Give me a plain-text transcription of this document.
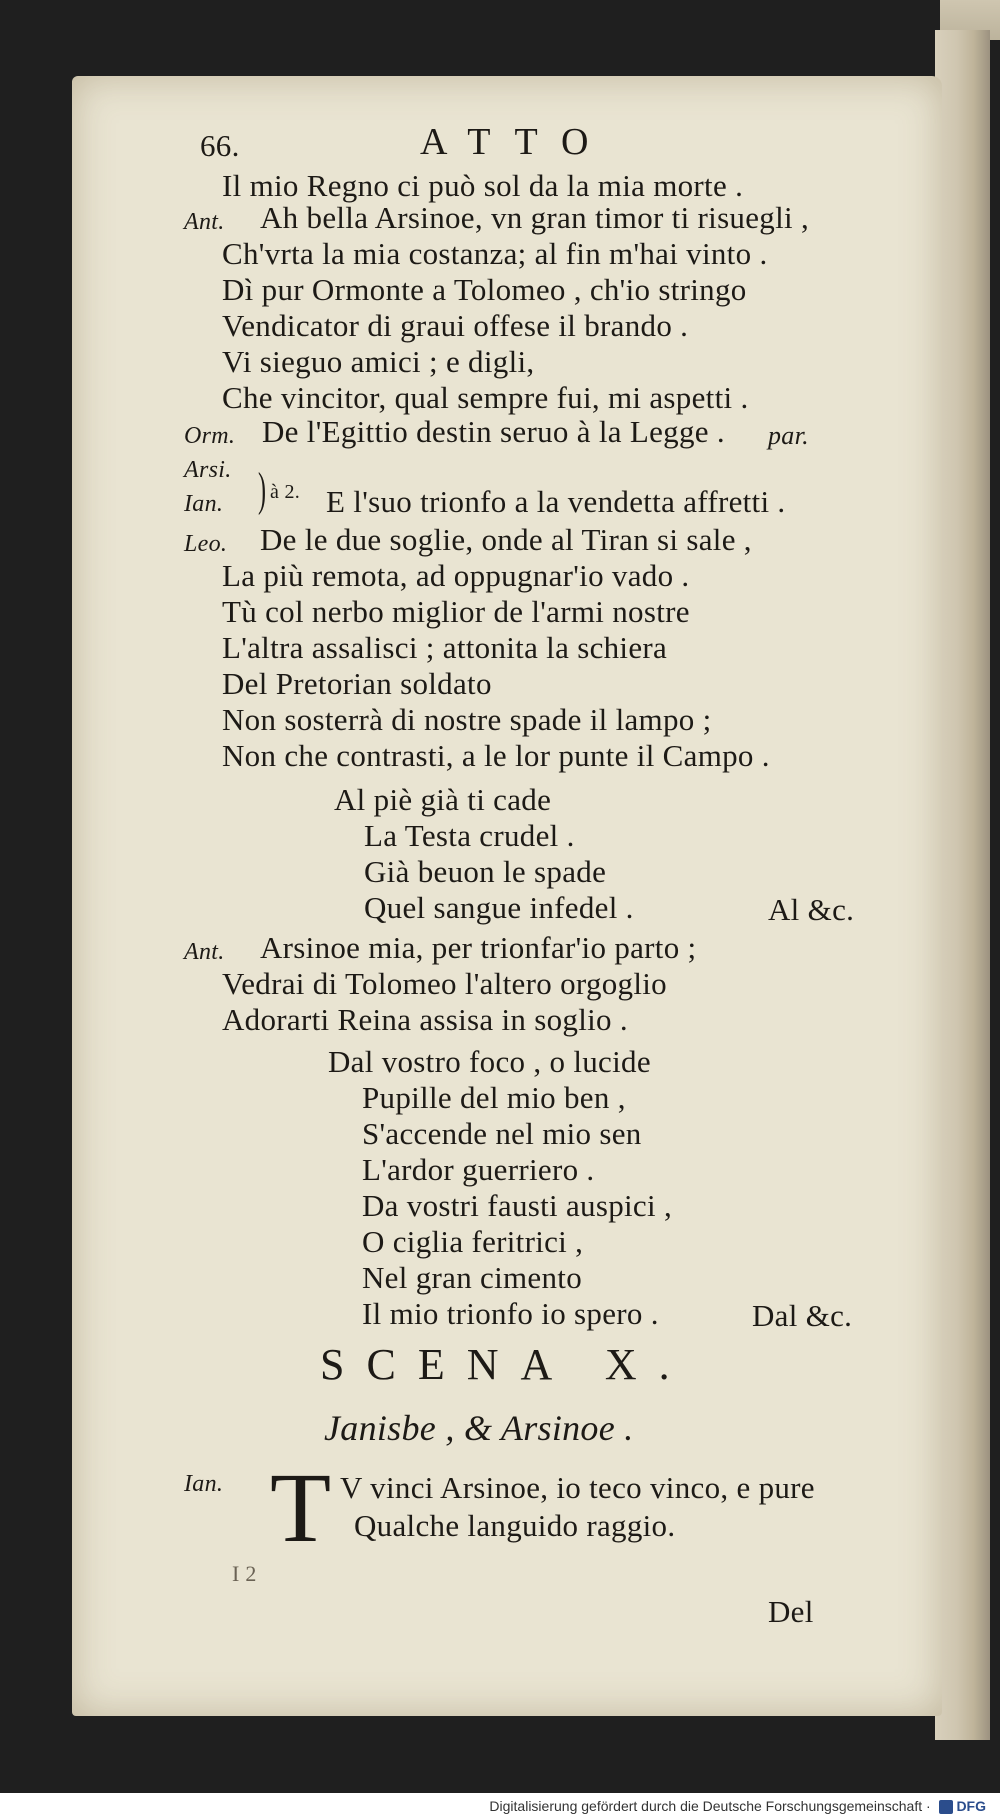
66.	ATTO
Il mio Regno ci può sol da la mia morte .
Ant. Ah bella Arsinoe, vn gran timor ti risuegli ,
Ch'vrta la mia costanza; al fin m'hai vinto .
Dì pur Ormonte a Tolomeo , ch'io stringo
Vendicator di graui offese il brando .
Vi sieguo amici ; e digli,
Che vincitor, qual sempre fui, mi aspetti .
Orm. De l'Egittio destin seruo à la Legge . par.
Arsi.
Ian. ) à 2. E l'suo trionfo a la vendetta affretti .
Leo. De le due soglie, onde al Tiran si sale ,
La più remota, ad oppugnar'io vado .
Tù col nerbo miglior de l'armi nostre
L'altra assalisci ; attonita la schiera
Del Pretorian soldato
Non sosterrà di nostre spade il lampo ;
Non che contrasti, a le lor punte il Campo .
Al piè già ti cade
La Testa crudel .
Già beuon le spade
Quel sangue infedel .	Al &c.
Ant. Arsinoe mia, per trionfar'io parto ;
Vedrai di Tolomeo l'altero orgoglio
Adorarti Reina assisa in soglio .
Dal vostro foco , o lucide
Pupille del mio ben ,
S'accende nel mio sen
L'ardor guerriero .
Da vostri fausti auspici ,
O ciglia feritrici ,
Nel gran cimento
Il mio trionfo io spero .	Dal &c.
SCENA X.
Janisbe , & Arsinoe .
Ian. T V vinci Arsinoe, io teco vinco, e pure
Qualche languido raggio.
I 2
Del
Digitalisierung gefördert durch die Deutsche Forschungsgemeinschaft · DFG
